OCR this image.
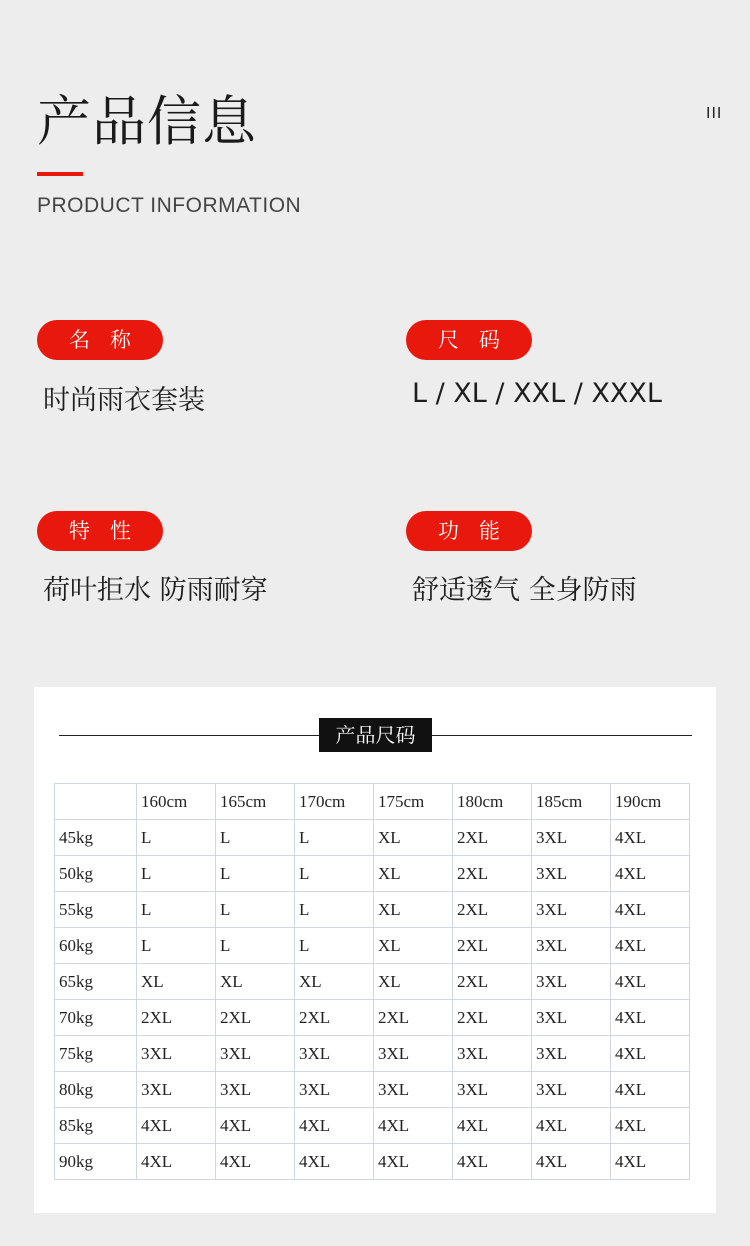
产品信息
PRODUCT INFORMATION
III
名称
时尚雨衣套装
尺码
L / XL / XXL / XXXL
特性
荷叶拒水 防雨耐穿
功能
舒适透气 全身防雨
产品尺码
	160cm	165cm	170cm	175cm	180cm	185cm	190cm
45kg	L	L	L	XL	2XL	3XL	4XL
50kg	L	L	L	XL	2XL	3XL	4XL
55kg	L	L	L	XL	2XL	3XL	4XL
60kg	L	L	L	XL	2XL	3XL	4XL
65kg	XL	XL	XL	XL	2XL	3XL	4XL
70kg	2XL	2XL	2XL	2XL	2XL	3XL	4XL
75kg	3XL	3XL	3XL	3XL	3XL	3XL	4XL
80kg	3XL	3XL	3XL	3XL	3XL	3XL	4XL
85kg	4XL	4XL	4XL	4XL	4XL	4XL	4XL
90kg	4XL	4XL	4XL	4XL	4XL	4XL	4XL
